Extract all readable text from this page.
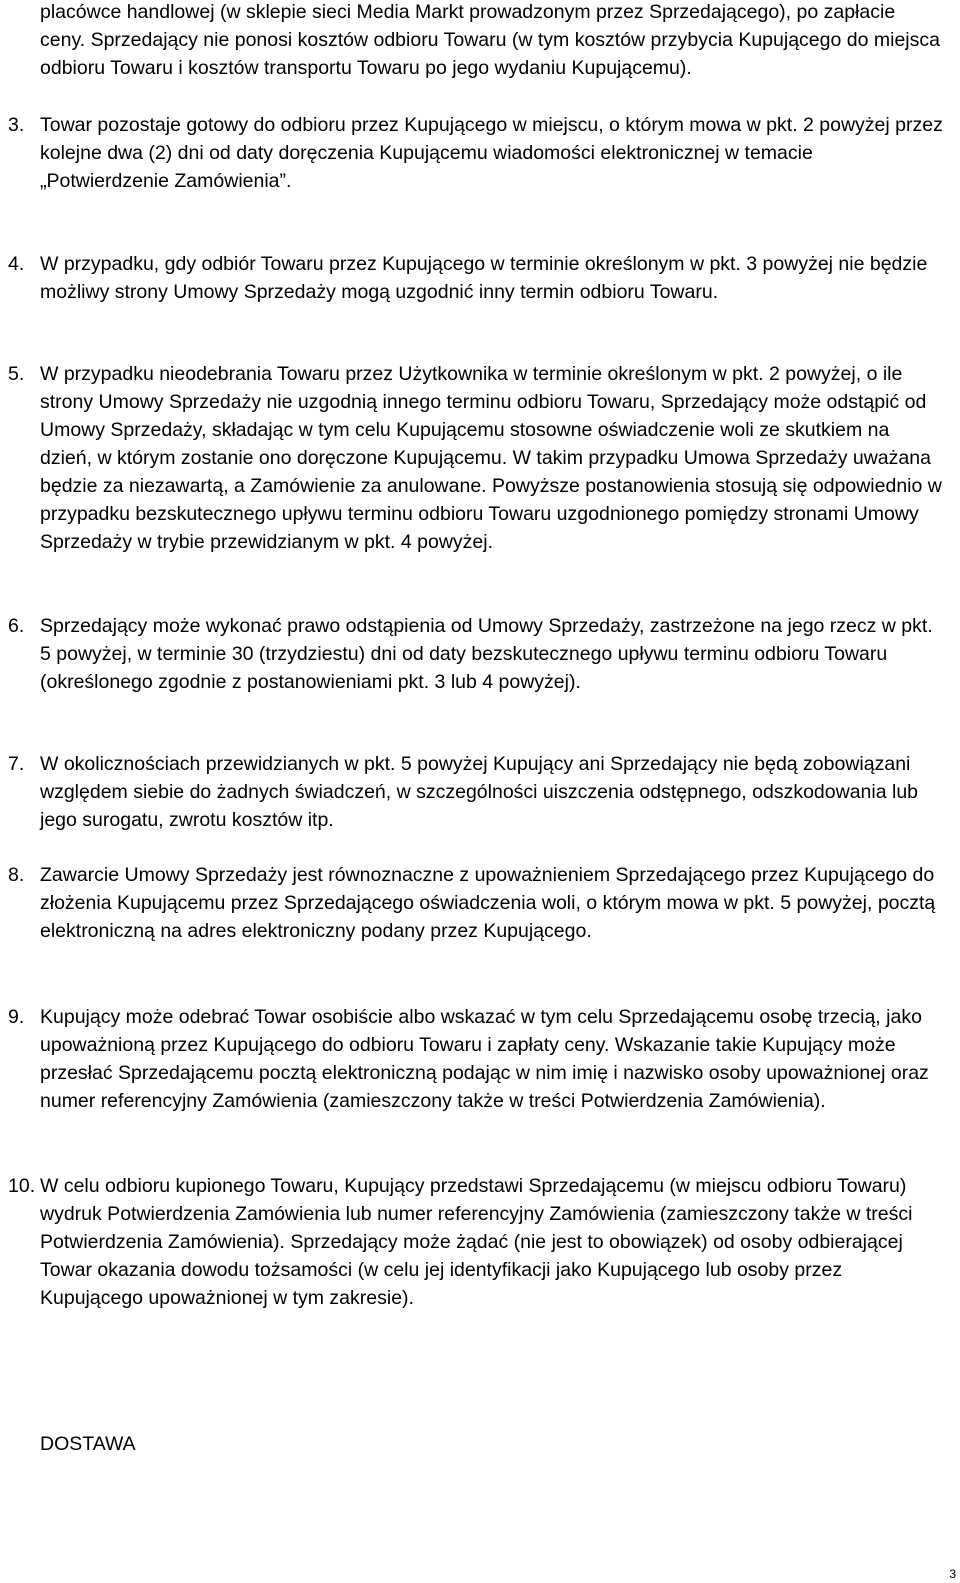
placówce handlowej (w sklepie sieci Media Markt prowadzonym przez Sprzedającego), po zapłacie ceny. Sprzedający nie ponosi kosztów odbioru Towaru (w tym kosztów przybycia Kupującego do miejsca odbioru Towaru i kosztów transportu Towaru po jego wydaniu Kupującemu).

3. Towar pozostaje gotowy do odbioru przez Kupującego w miejscu, o którym mowa w pkt. 2 powyżej przez kolejne dwa (2) dni od daty doręczenia Kupującemu wiadomości elektronicznej w temacie „Potwierdzenie Zamówienia”.
4. W przypadku, gdy odbiór Towaru przez Kupującego w terminie określonym w pkt. 3 powyżej nie będzie możliwy strony Umowy Sprzedaży mogą uzgodnić inny termin odbioru Towaru.
5. W przypadku nieodebrania Towaru przez Użytkownika w terminie określonym w pkt. 2 powyżej, o ile strony Umowy Sprzedaży nie uzgodnią innego terminu odbioru Towaru, Sprzedający może odstąpić od Umowy Sprzedaży, składając w tym celu Kupującemu stosowne oświadczenie woli ze skutkiem na dzień, w którym zostanie ono doręczone Kupującemu. W takim przypadku Umowa Sprzedaży uważana będzie za niezawartą, a Zamówienie za anulowane. Powyższe postanowienia stosują się odpowiednio w przypadku bezskutecznego upływu terminu odbioru Towaru uzgodnionego pomiędzy stronami Umowy Sprzedaży w trybie przewidzianym w pkt. 4 powyżej.
6. Sprzedający może wykonać prawo odstąpienia od Umowy Sprzedaży, zastrzeżone na jego rzecz w pkt. 5 powyżej, w terminie 30 (trzydziestu) dni od daty bezskutecznego upływu terminu odbioru Towaru (określonego zgodnie z postanowieniami pkt. 3 lub 4 powyżej).
7. W okolicznościach przewidzianych w pkt. 5 powyżej Kupujący ani Sprzedający nie będą zobowiązani względem siebie do żadnych świadczeń, w szczególności uiszczenia odstępnego, odszkodowania lub jego surogatu, zwrotu kosztów itp.
8. Zawarcie Umowy Sprzedaży jest równoznaczne z upoważnieniem Sprzedającego przez Kupującego do złożenia Kupującemu przez Sprzedającego oświadczenia woli, o którym mowa w pkt. 5 powyżej, pocztą elektroniczną na adres elektroniczny podany przez Kupującego.
9. Kupujący może odebrać Towar osobiście albo wskazać w tym celu Sprzedającemu osobę trzecią, jako upoważnioną przez Kupującego do odbioru Towaru i zapłaty ceny. Wskazanie takie Kupujący może przesłać Sprzedającemu pocztą elektroniczną podając w nim imię i nazwisko osoby upoważnionej oraz numer referencyjny Zamówienia (zamieszczony także w treści Potwierdzenia Zamówienia).
10. W celu odbioru kupionego Towaru, Kupujący przedstawi Sprzedającemu (w miejscu odbioru Towaru) wydruk Potwierdzenia Zamówienia lub numer referencyjny Zamówienia (zamieszczony także w treści Potwierdzenia Zamówienia). Sprzedający może żądać (nie jest to obowiązek) od osoby odbierającej Towar okazania dowodu tożsamości (w celu jej identyfikacji jako Kupującego lub osoby przez Kupującego upoważnionej w tym zakresie).
DOSTAWA
3
